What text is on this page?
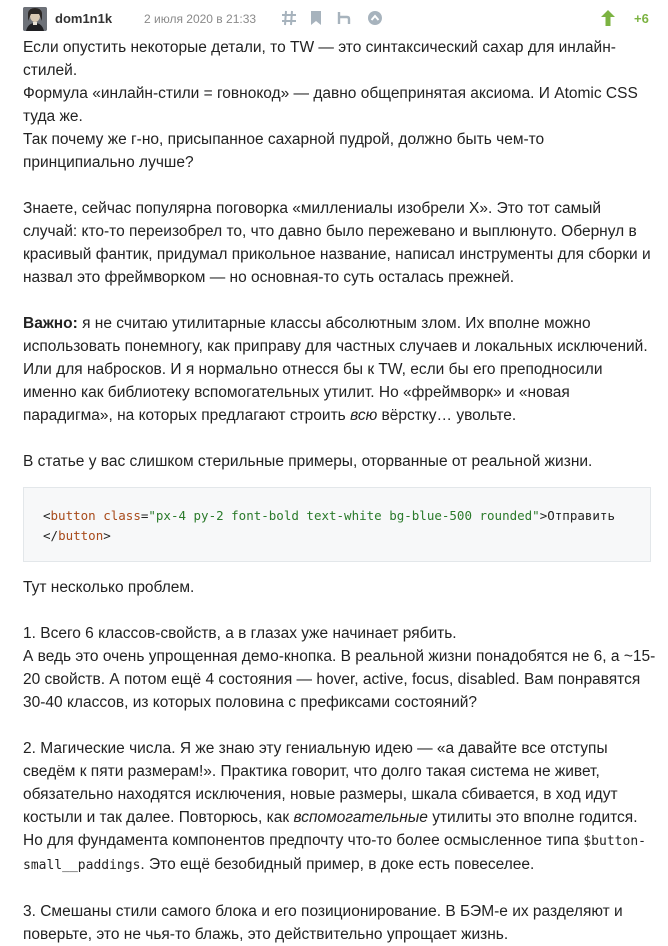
dom1n1k	2 июля 2020 в 21:33	+6

Если опустить некоторые детали, то TW — это синтаксический сахар для инлайн-стилей.

Формула «инлайн-стили = говнокод» — давно общепринятая аксиома. И Atomic CSS туда же.

Так почему же г-но, присыпанное сахарной пудрой, должно быть чем-то принципиально лучше?

Знаете, сейчас популярна поговорка «миллениалы изобрели X». Это тот самый случай: кто-то переизобрел то, что давно было пережевано и выплюнуто. Обернул в красивый фантик, придумал прикольное название, написал инструменты для сборки и назвал это фреймворком — но основная-то суть осталась прежней.

Важно: я не считаю утилитарные классы абсолютным злом. Их вполне можно использовать понемногу, как приправу для частных случаев и локальных исключений. Или для набросков. И я нормально отнесся бы к TW, если бы его преподносили именно как библиотеку вспомогательных утилит. Но «фреймворк» и «новая парадигма», на которых предлагают строить всю вёрстку… увольте.

В статье у вас слишком стерильные примеры, оторванные от реальной жизни.

<button class="px-4 py-2 font-bold text-white bg-blue-500 rounded">Отправить
</button>

Тут несколько проблем.

1. Всего 6 классов-свойств, а в глазах уже начинает рябить.

А ведь это очень упрощенная демо-кнопка. В реальной жизни понадобятся не 6, а ~15-20 свойств. А потом ещё 4 состояния — hover, active, focus, disabled. Вам понравятся 30-40 классов, из которых половина с префиксами состояний?

2. Магические числа. Я же знаю эту гениальную идею — «а давайте все отступы сведём к пяти размерам!». Практика говорит, что долго такая система не живет, обязательно находятся исключения, новые размеры, шкала сбивается, в ход идут костыли и так далее. Повторюсь, как вспомогательные утилиты это вполне годится. Но для фундамента компонентов предпочту что-то более осмысленное типа $button-small__paddings. Это ещё безобидный пример, в доке есть повеселее.

3. Смешаны стили самого блока и его позиционирование. В БЭМ-е их разделяют и поверьте, это не чья-то блажь, это действительно упрощает жизнь.
